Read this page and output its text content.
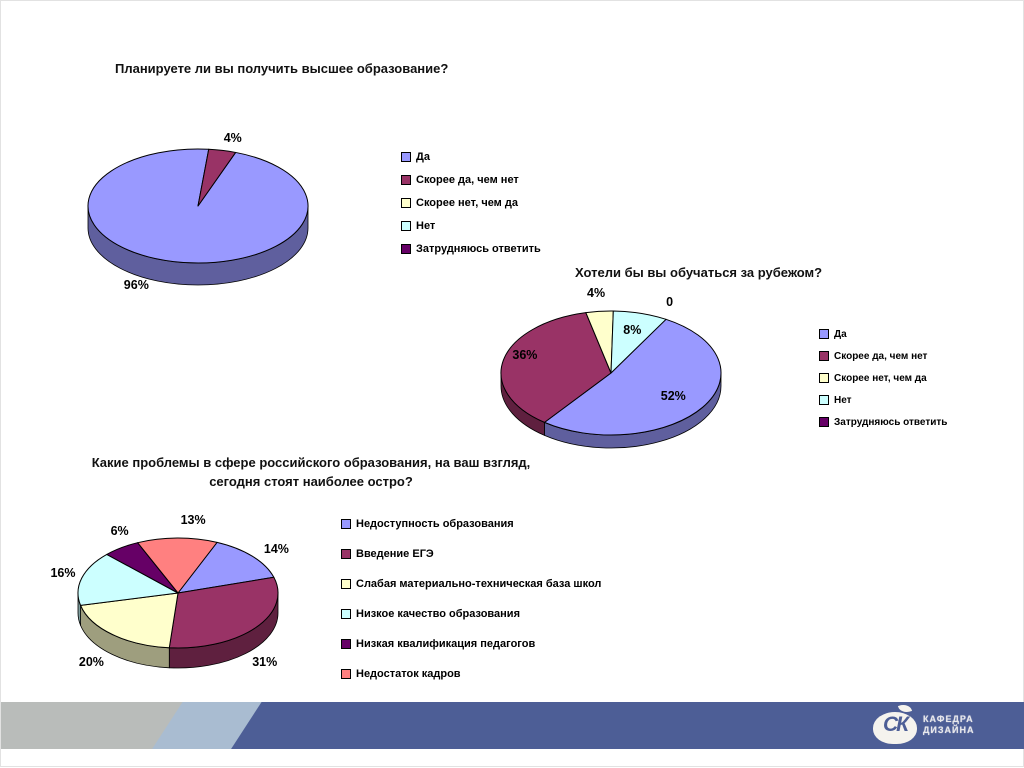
Планируете ли вы получить высшее образование?
Хотели бы вы обучаться за рубежом?
Какие проблемы в сфере российского образования, на ваш взгляд, сегодня стоят наиболее остро?
Да
Скорее да, чем нет
Скорее нет, чем да
Нет
Затрудняюсь ответить
Да
Скорее да, чем нет
Скорее нет, чем да
Нет
Затрудняюсь ответить
Недоступность образования
Введение ЕГЭ
Слабая материально-техническая база школ
Низкое качество образования
Низкая квалификация педагогов
Недостаток кадров
СК	КАФЕДРА
ДИЗАЙНА
96%
4%
52%
36%
4%
8%
0
14%
31%
20%
16%
6%
13%
